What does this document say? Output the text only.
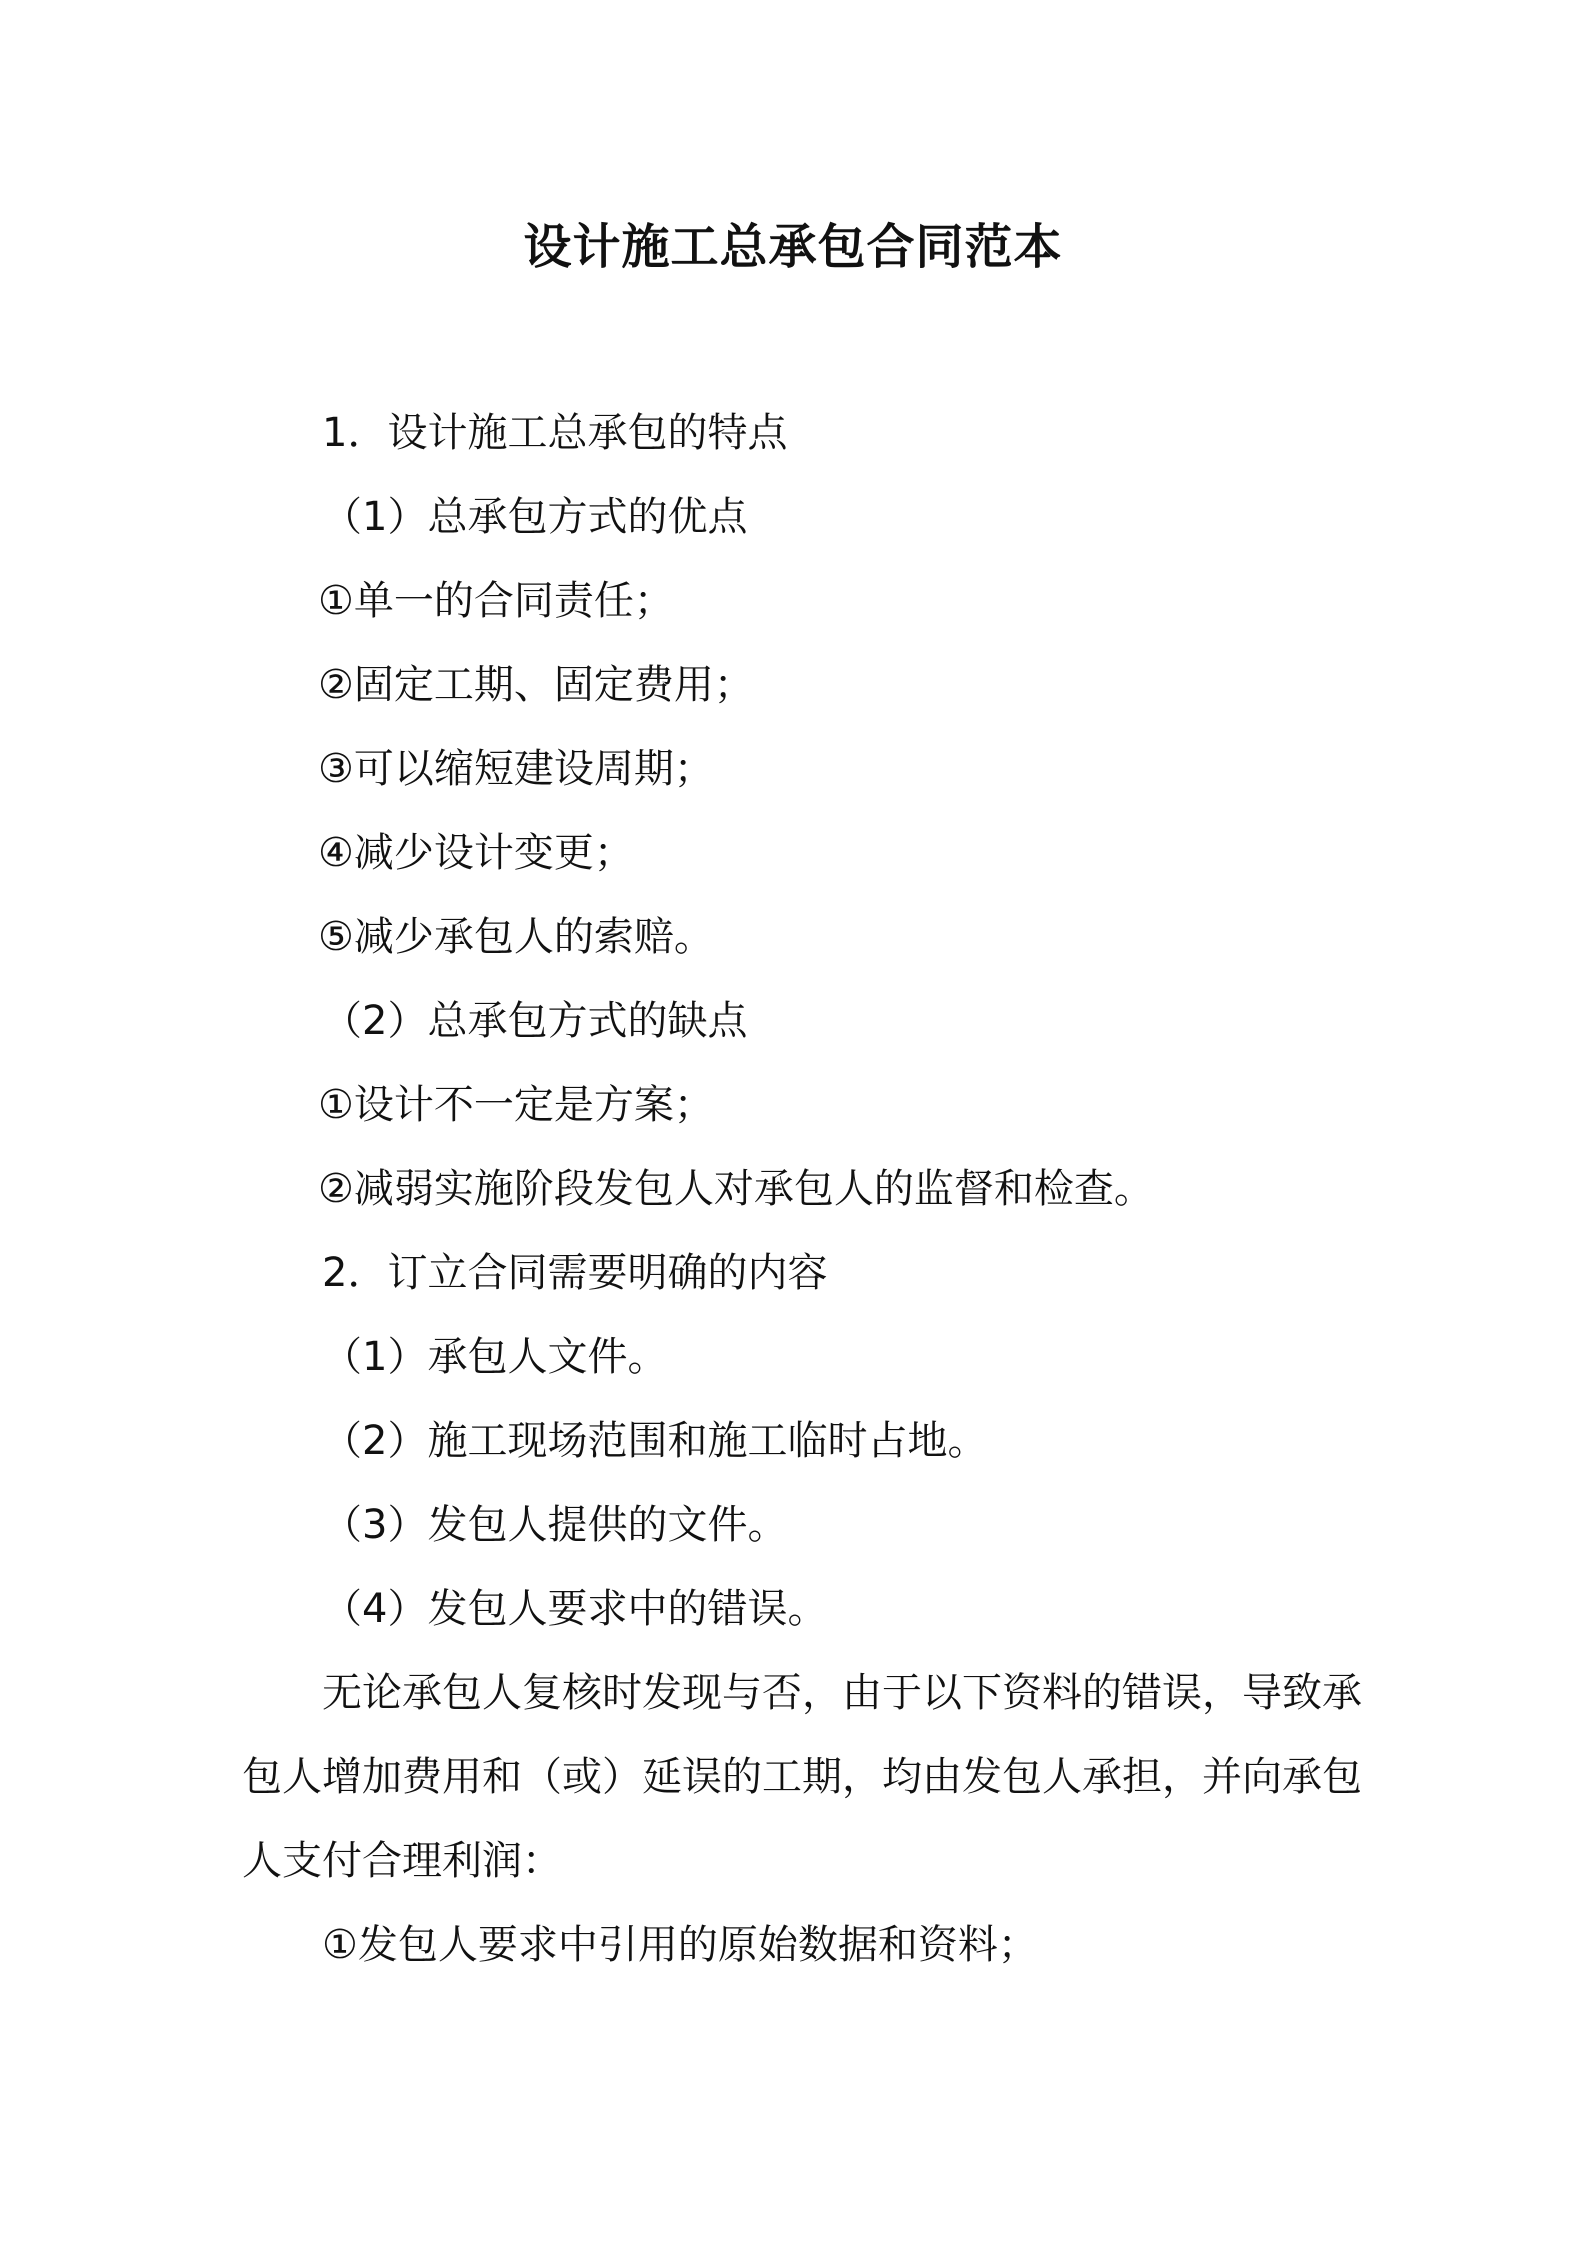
设计施工总承包合同范本

1．设计施工总承包的特点

（1）总承包方式的优点

①单一的合同责任；

②固定工期、固定费用；

③可以缩短建设周期；

④减少设计变更；

⑤减少承包人的索赔。

（2）总承包方式的缺点

①设计不一定是方案；

②减弱实施阶段发包人对承包人的监督和检查。

2．订立合同需要明确的内容

（1）承包人文件。

（2）施工现场范围和施工临时占地。

（3）发包人提供的文件。

（4）发包人要求中的错误。

无论承包人复核时发现与否，由于以下资料的错误，导致承

包人增加费用和（或）延误的工期，均由发包人承担，并向承包

人支付合理利润：

①发包人要求中引用的原始数据和资料；
